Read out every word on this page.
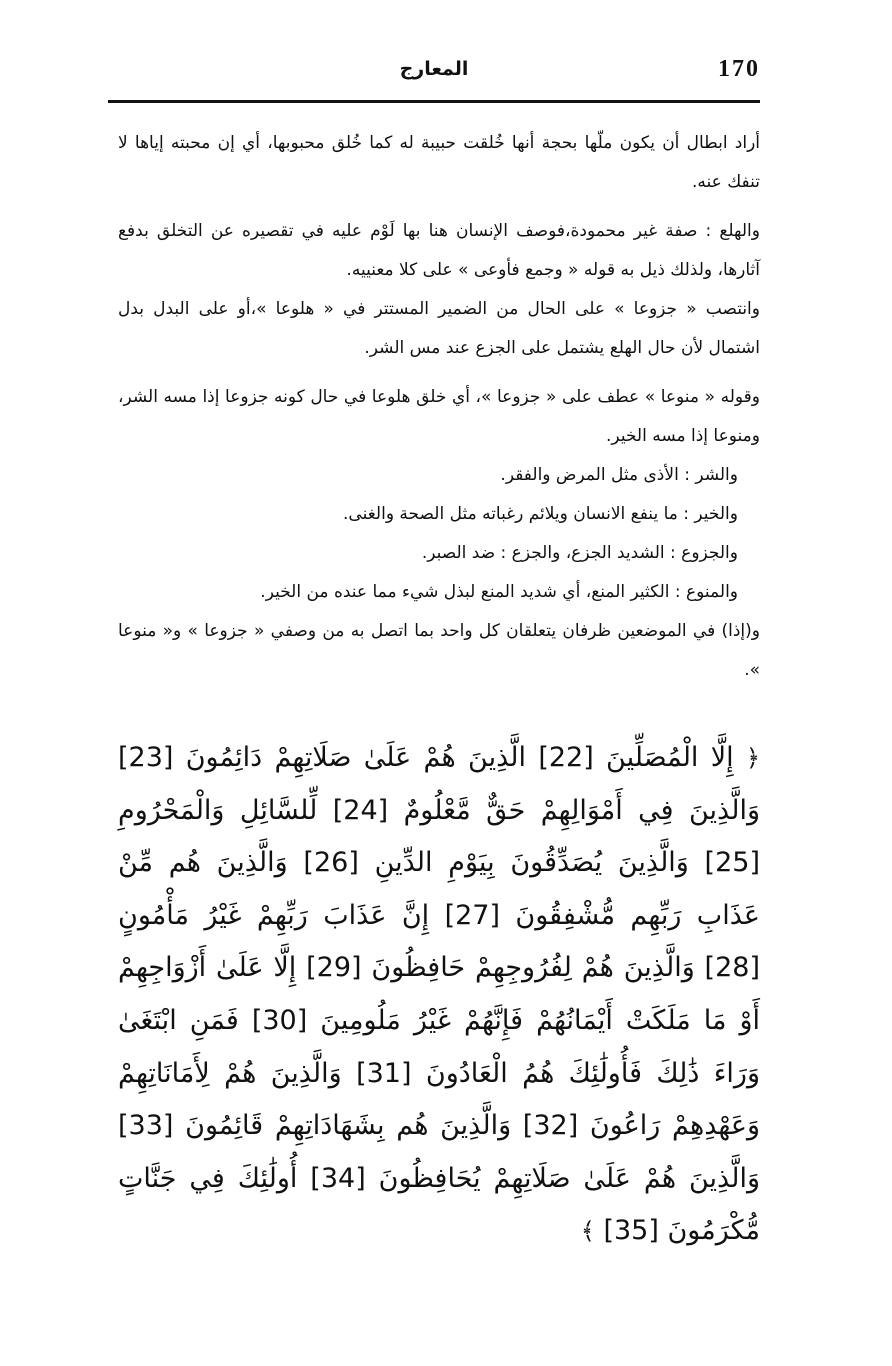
170
المعارج

أراد ابطال أن يكون ملّها بحجة أنها خُلقت حبيبة له كما خُلق محبوبها، أي إن محبته إياها لا تنفك عنه.

والهلع : صفة غير محمودة،فوصف الإنسان هنا بها لَوْم عليه في تقصيره عن التخلق بدفع آثارها، ولذلك ذيل به قوله « وجمع فأوعى » على كلا معنييه.

وانتصب « جزوعا » على الحال من الضمير المستتر في « هلوعا »،أو على البدل بدل اشتمال لأن حال الهلع يشتمل على الجزع عند مس الشر.

وقوله « منوعا » عطف على « جزوعا »، أي خلق هلوعا في حال كونه جزوعا إذا مسه الشر، ومنوعا إذا مسه الخير.

والشر : الأذى مثل المرض والفقر.

والخير : ما ينفع الانسان ويلائم رغباته مثل الصحة والغنى.

والجزوع : الشديد الجزع، والجزع : ضد الصبر.

والمنوع : الكثير المنع، أي شديد المنع لبذل شيء مما عنده من الخير.

و(إذا) في الموضعين ظرفان يتعلقان كل واحد بما اتصل به من وصفي « جزوعا » و« منوعا ».

﴿ إِلَّا الْمُصَلِّينَ [22] الَّذِينَ هُمْ عَلَىٰ صَلَاتِهِمْ دَائِمُونَ [23] وَالَّذِينَ فِي أَمْوَالِهِمْ حَقٌّ مَّعْلُومٌ [24] لِّلسَّائِلِ وَالْمَحْرُومِ [25] وَالَّذِينَ يُصَدِّقُونَ بِيَوْمِ الدِّينِ [26] وَالَّذِينَ هُم مِّنْ عَذَابِ رَبِّهِم مُّشْفِقُونَ [27] إِنَّ عَذَابَ رَبِّهِمْ غَيْرُ مَأْمُونٍ [28] وَالَّذِينَ هُمْ لِفُرُوجِهِمْ حَافِظُونَ [29] إِلَّا عَلَىٰ أَزْوَاجِهِمْ أَوْ مَا مَلَكَتْ أَيْمَانُهُمْ فَإِنَّهُمْ غَيْرُ مَلُومِينَ [30] فَمَنِ ابْتَغَىٰ وَرَاءَ ذَٰلِكَ فَأُولَٰئِكَ هُمُ الْعَادُونَ [31] وَالَّذِينَ هُمْ لِأَمَانَاتِهِمْ وَعَهْدِهِمْ رَاعُونَ [32] وَالَّذِينَ هُم بِشَهَادَاتِهِمْ قَائِمُونَ [33] وَالَّذِينَ هُمْ عَلَىٰ صَلَاتِهِمْ يُحَافِظُونَ [34] أُولَٰئِكَ فِي جَنَّاتٍ مُّكْرَمُونَ [35] ﴾
